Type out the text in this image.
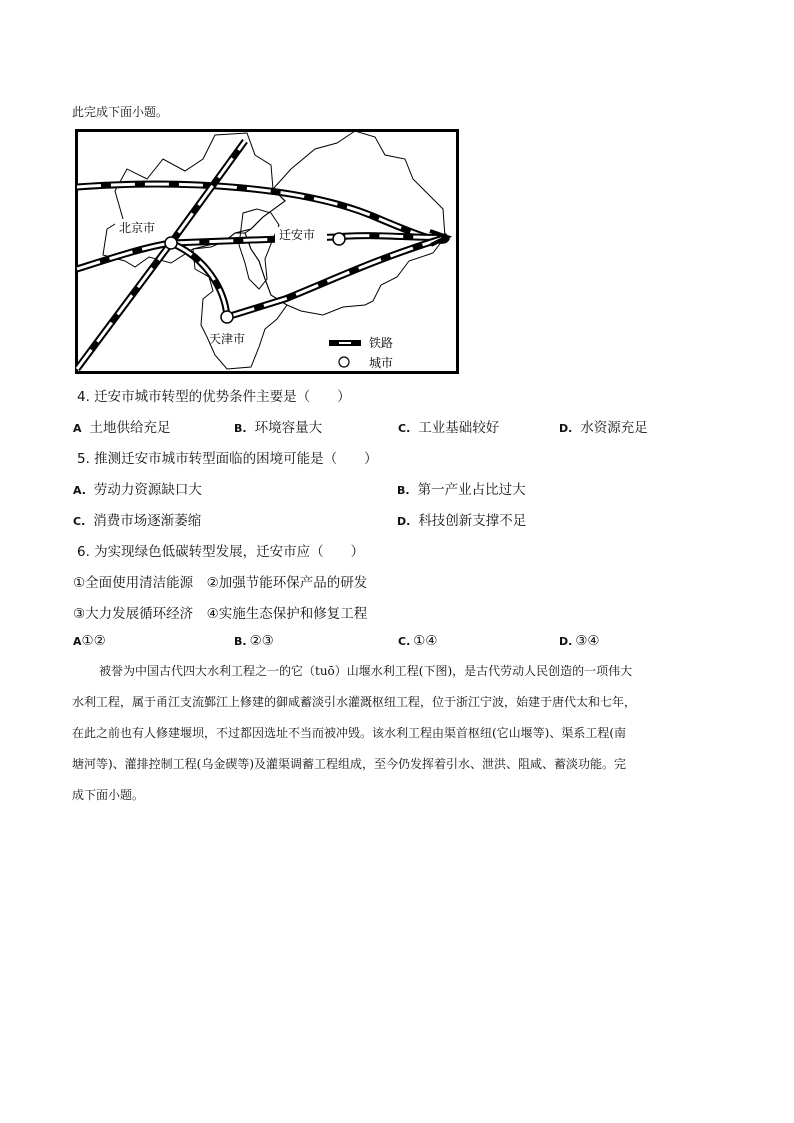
此完成下面小题。
北京市	迁安市
天津市	铁路
城市
4. 迁安市城市转型的优势条件主要是（　　）
A 土地供给充足	B. 环境容量大	C. 工业基础较好	D. 水资源充足
5. 推测迁安市城市转型面临的困境可能是（　　）
A. 劳动力资源缺口大	B. 第一产业占比过大
C. 消费市场逐渐萎缩	D. 科技创新支撑不足
6. 为实现绿色低碳转型发展，迁安市应（　　）
①全面使用清洁能源　②加强节能环保产品的研发
③大力发展循环经济　④实施生态保护和修复工程
A①②	B. ②③	C. ①④	D. ③④
被誉为中国古代四大水利工程之一的它（tuō）山堰水利工程(下图)，是古代劳动人民创造的一项伟大
水利工程，属于甬江支流鄞江上修建的御咸蓄淡引水灌溉枢纽工程，位于浙江宁波，始建于唐代太和七年，
在此之前也有人修建堰坝，不过都因选址不当而被冲毁。该水利工程由渠首枢纽(它山堰等)、渠系工程(南
塘河等)、灌排控制工程(乌金碶等)及灌渠调蓄工程组成，至今仍发挥着引水、泄洪、阻咸、蓄淡功能。完
成下面小题。
